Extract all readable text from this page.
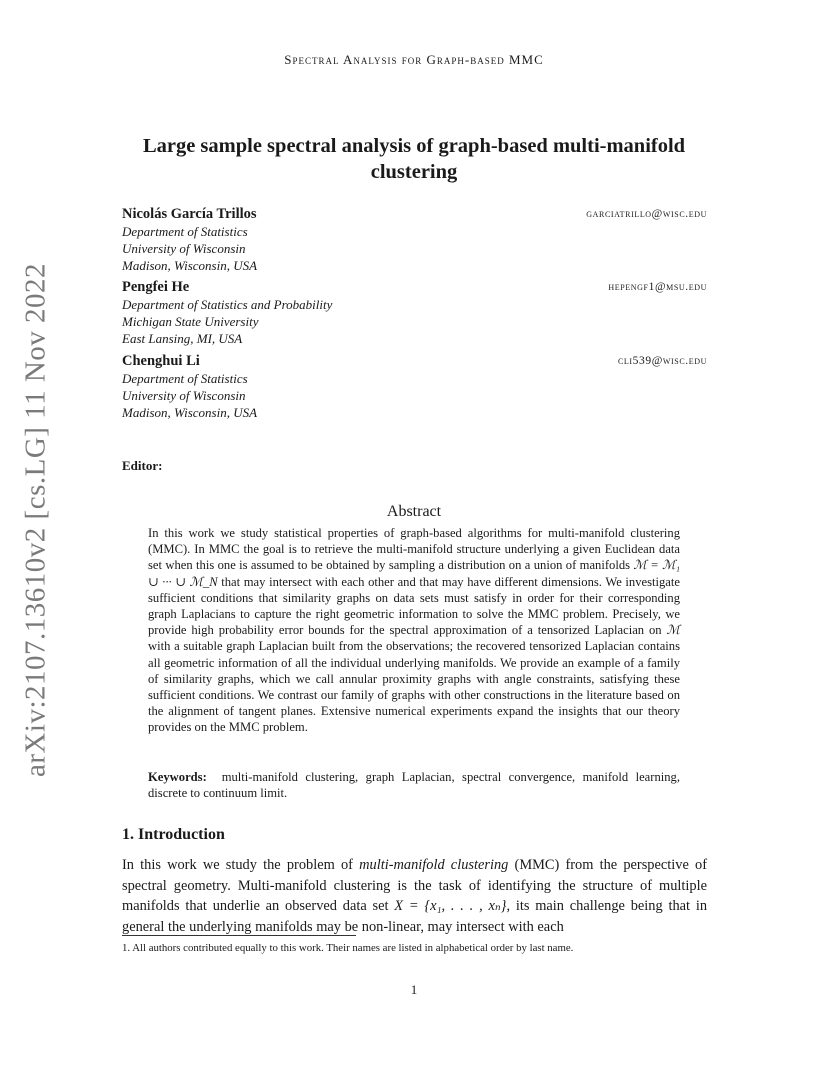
arXiv:2107.13610v2 [cs.LG] 11 Nov 2022
Spectral Analysis for Graph-based MMC
Large sample spectral analysis of graph-based multi-manifold clustering
Nicolás García Trillos	garciatrillo@wisc.edu
Department of Statistics
University of Wisconsin
Madison, Wisconsin, USA
Pengfei He	hepengf1@msu.edu
Department of Statistics and Probability
Michigan State University
East Lansing, MI, USA
Chenghui Li	cli539@wisc.edu
Department of Statistics
University of Wisconsin
Madison, Wisconsin, USA
Editor:
Abstract
In this work we study statistical properties of graph-based algorithms for multi-manifold clustering (MMC). In MMC the goal is to retrieve the multi-manifold structure underlying a given Euclidean data set when this one is assumed to be obtained by sampling a distribution on a union of manifolds ℳ = ℳ₁ ∪ ··· ∪ ℳ_N that may intersect with each other and that may have different dimensions. We investigate sufficient conditions that similarity graphs on data sets must satisfy in order for their corresponding graph Laplacians to capture the right geometric information to solve the MMC problem. Precisely, we provide high probability error bounds for the spectral approximation of a tensorized Laplacian on ℳ with a suitable graph Laplacian built from the observations; the recovered tensorized Laplacian contains all geometric information of all the individual underlying manifolds. We provide an example of a family of similarity graphs, which we call annular proximity graphs with angle constraints, satisfying these sufficient conditions. We contrast our family of graphs with other constructions in the literature based on the alignment of tangent planes. Extensive numerical experiments expand the insights that our theory provides on the MMC problem.
Keywords: multi-manifold clustering, graph Laplacian, spectral convergence, manifold learning, discrete to continuum limit.
1. Introduction
In this work we study the problem of multi-manifold clustering (MMC) from the perspective of spectral geometry. Multi-manifold clustering is the task of identifying the structure of multiple manifolds that underlie an observed data set X = {x₁, . . . , xₙ}, its main challenge being that in general the underlying manifolds may be non-linear, may intersect with each
1. All authors contributed equally to this work. Their names are listed in alphabetical order by last name.
1
